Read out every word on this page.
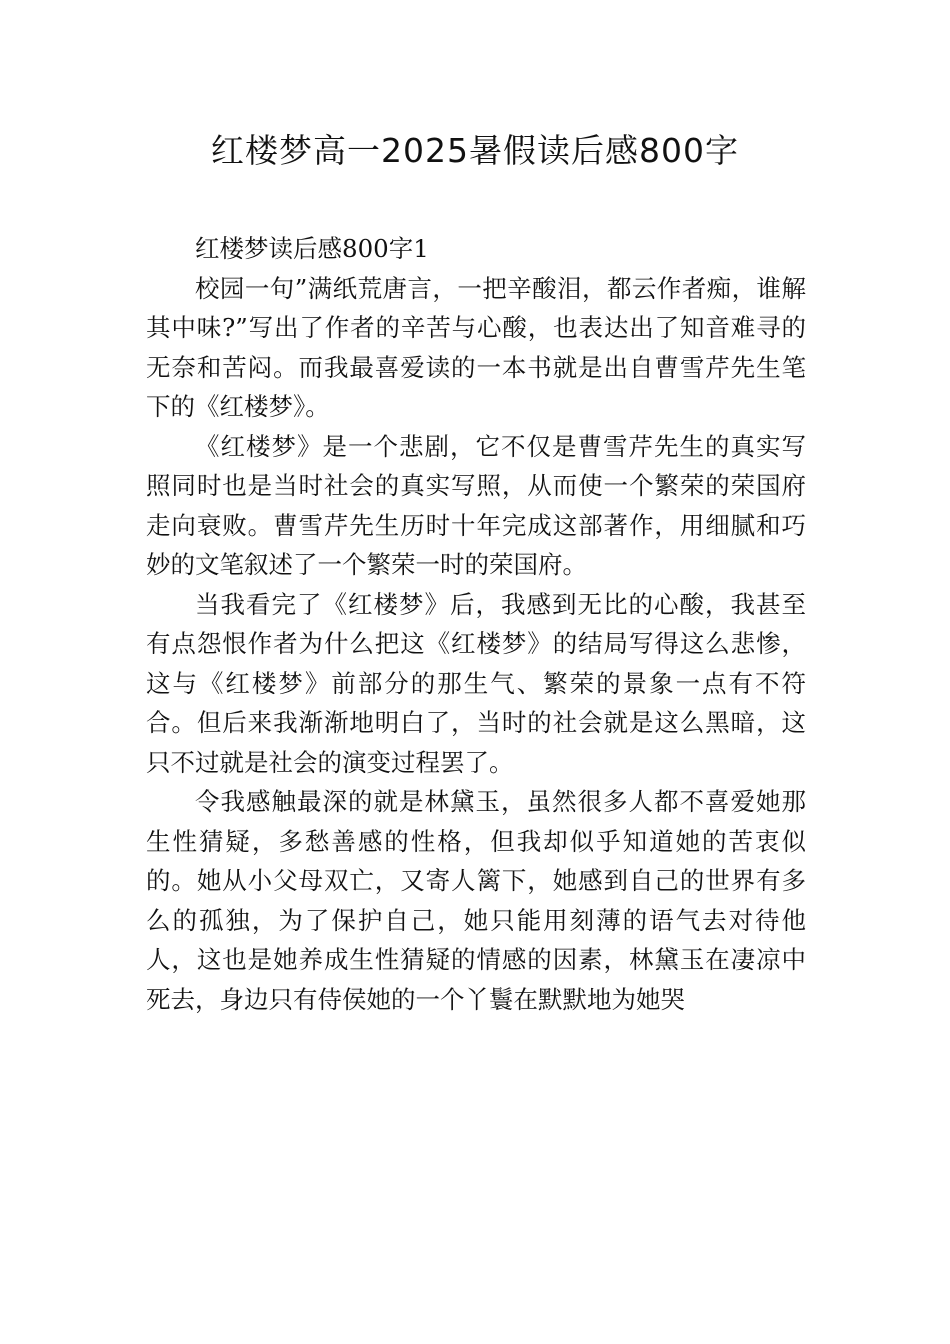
红楼梦高一2025暑假读后感800字

红楼梦读后感800字1

校园一句”满纸荒唐言，一把辛酸泪，都云作者痴，谁解其中味?”写出了作者的辛苦与心酸，也表达出了知音难寻的无奈和苦闷。而我最喜爱读的一本书就是出自曹雪芹先生笔下的《红楼梦》。

《红楼梦》是一个悲剧，它不仅是曹雪芹先生的真实写照同时也是当时社会的真实写照，从而使一个繁荣的荣国府走向衰败。曹雪芹先生历时十年完成这部著作，用细腻和巧妙的文笔叙述了一个繁荣一时的荣国府。

当我看完了《红楼梦》后，我感到无比的心酸，我甚至有点怨恨作者为什么把这《红楼梦》的结局写得这么悲惨，这与《红楼梦》前部分的那生气、繁荣的景象一点有不符合。但后来我渐渐地明白了，当时的社会就是这么黑暗，这只不过就是社会的演变过程罢了。

令我感触最深的就是林黛玉，虽然很多人都不喜爱她那生性猜疑，多愁善感的性格，但我却似乎知道她的苦衷似的。她从小父母双亡，又寄人篱下，她感到自己的世界有多么的孤独，为了保护自己，她只能用刻薄的语气去对待他人，这也是她养成生性猜疑的情感的因素，林黛玉在凄凉中死去，身边只有侍侯她的一个丫鬟在默默地为她哭
